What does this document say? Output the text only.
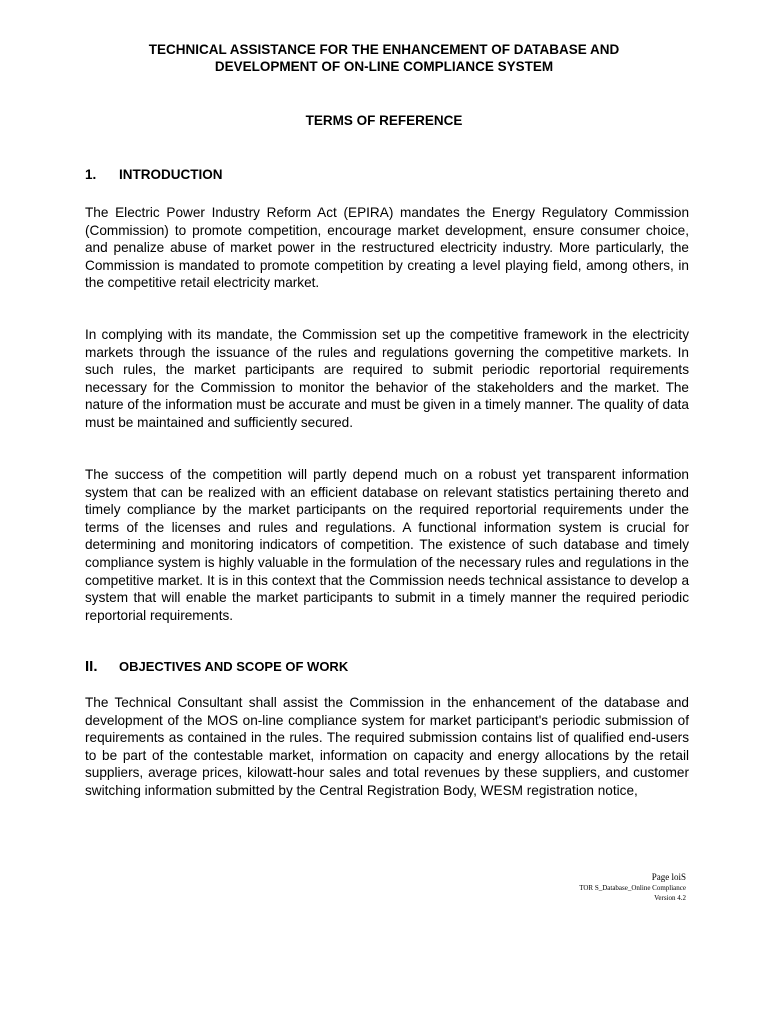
TECHNICAL ASSISTANCE FOR THE ENHANCEMENT OF DATABASE AND
DEVELOPMENT OF ON-LINE COMPLIANCE SYSTEM
TERMS OF REFERENCE
1. INTRODUCTION
The Electric Power Industry Reform Act (EPIRA) mandates the Energy Regulatory Commission (Commission) to promote competition, encourage market development, ensure consumer choice, and penalize abuse of market power in the restructured electricity industry. More particularly, the Commission is mandated to promote competition by creating a level playing field, among others, in the competitive retail electricity market.
In complying with its mandate, the Commission set up the competitive framework in the electricity markets through the issuance of the rules and regulations governing the competitive markets. In such rules, the market participants are required to submit periodic reportorial requirements necessary for the Commission to monitor the behavior of the stakeholders and the market. The nature of the information must be accurate and must be given in a timely manner. The quality of data must be maintained and sufficiently secured.
The success of the competition will partly depend much on a robust yet transparent information system that can be realized with an efficient database on relevant statistics pertaining thereto and timely compliance by the market participants on the required reportorial requirements under the terms of the licenses and rules and regulations. A functional information system is crucial for determining and monitoring indicators of competition. The existence of such database and timely compliance system is highly valuable in the formulation of the necessary rules and regulations in the competitive market. It is in this context that the Commission needs technical assistance to develop a system that will enable the market participants to submit in a timely manner the required periodic reportorial requirements.
II. OBJECTIVES AND SCOPE OF WORK
The Technical Consultant shall assist the Commission in the enhancement of the database and development of the MOS on-line compliance system for market participant's periodic submission of requirements as contained in the rules. The required submission contains list of qualified end-users to be part of the contestable market, information on capacity and energy allocations by the retail suppliers, average prices, kilowatt-hour sales and total revenues by these suppliers, and customer switching information submitted by the Central Registration Body, WESM registration notice,
Page loiS
TOR S_Database_Online Compliance
Version 4.2
